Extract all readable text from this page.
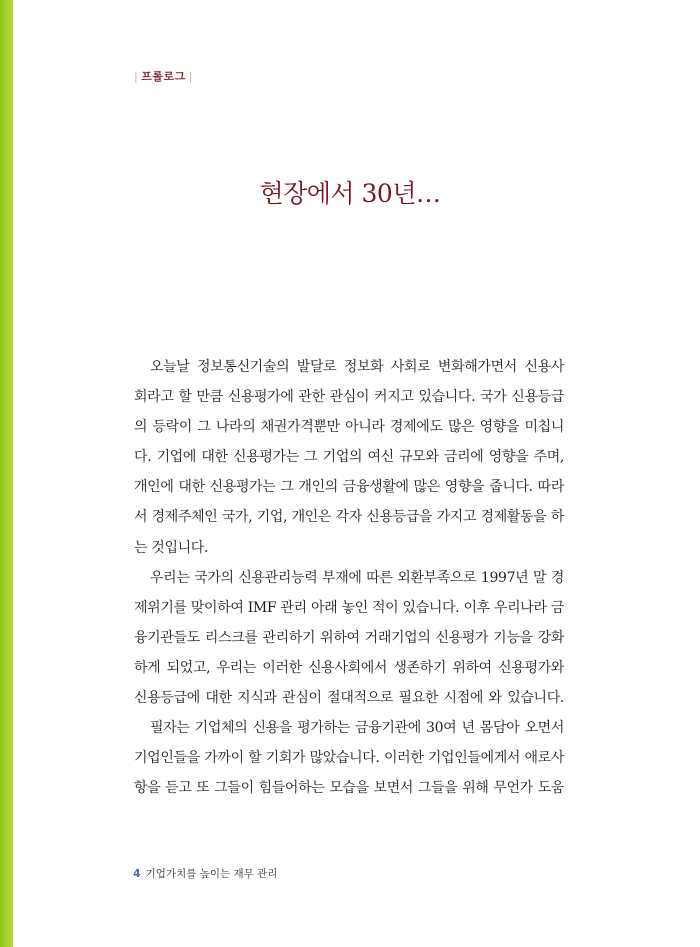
| 프롤로그 |
현장에서 30년…
오늘날 정보통신기술의 발달로 정보화 사회로 변화해가면서 신용사
회라고 할 만큼 신용평가에 관한 관심이 커지고 있습니다. 국가 신용등급
의 등락이 그 나라의 채권가격뿐만 아니라 경제에도 많은 영향을 미칩니
다. 기업에 대한 신용평가는 그 기업의 여신 규모와 금리에 영향을 주며,
개인에 대한 신용평가는 그 개인의 금융생활에 많은 영향을 줍니다. 따라
서 경제주체인 국가, 기업, 개인은 각자 신용등급을 가지고 경제활동을 하
는 것입니다.
우리는 국가의 신용관리능력 부재에 따른 외환부족으로 1997년 말 경
제위기를 맞이하여 IMF 관리 아래 놓인 적이 있습니다. 이후 우리나라 금
융기관들도 리스크를 관리하기 위하여 거래기업의 신용평가 기능을 강화
하게 되었고, 우리는 이러한 신용사회에서 생존하기 위하여 신용평가와
신용등급에 대한 지식과 관심이 절대적으로 필요한 시점에 와 있습니다.
필자는 기업체의 신용을 평가하는 금융기관에 30여 년 몸담아 오면서
기업인들을 가까이 할 기회가 많았습니다. 이러한 기업인들에게서 애로사
항을 듣고 또 그들이 힘들어하는 모습을 보면서 그들을 위해 무언가 도움
4 기업가치를 높이는 재무 관리
